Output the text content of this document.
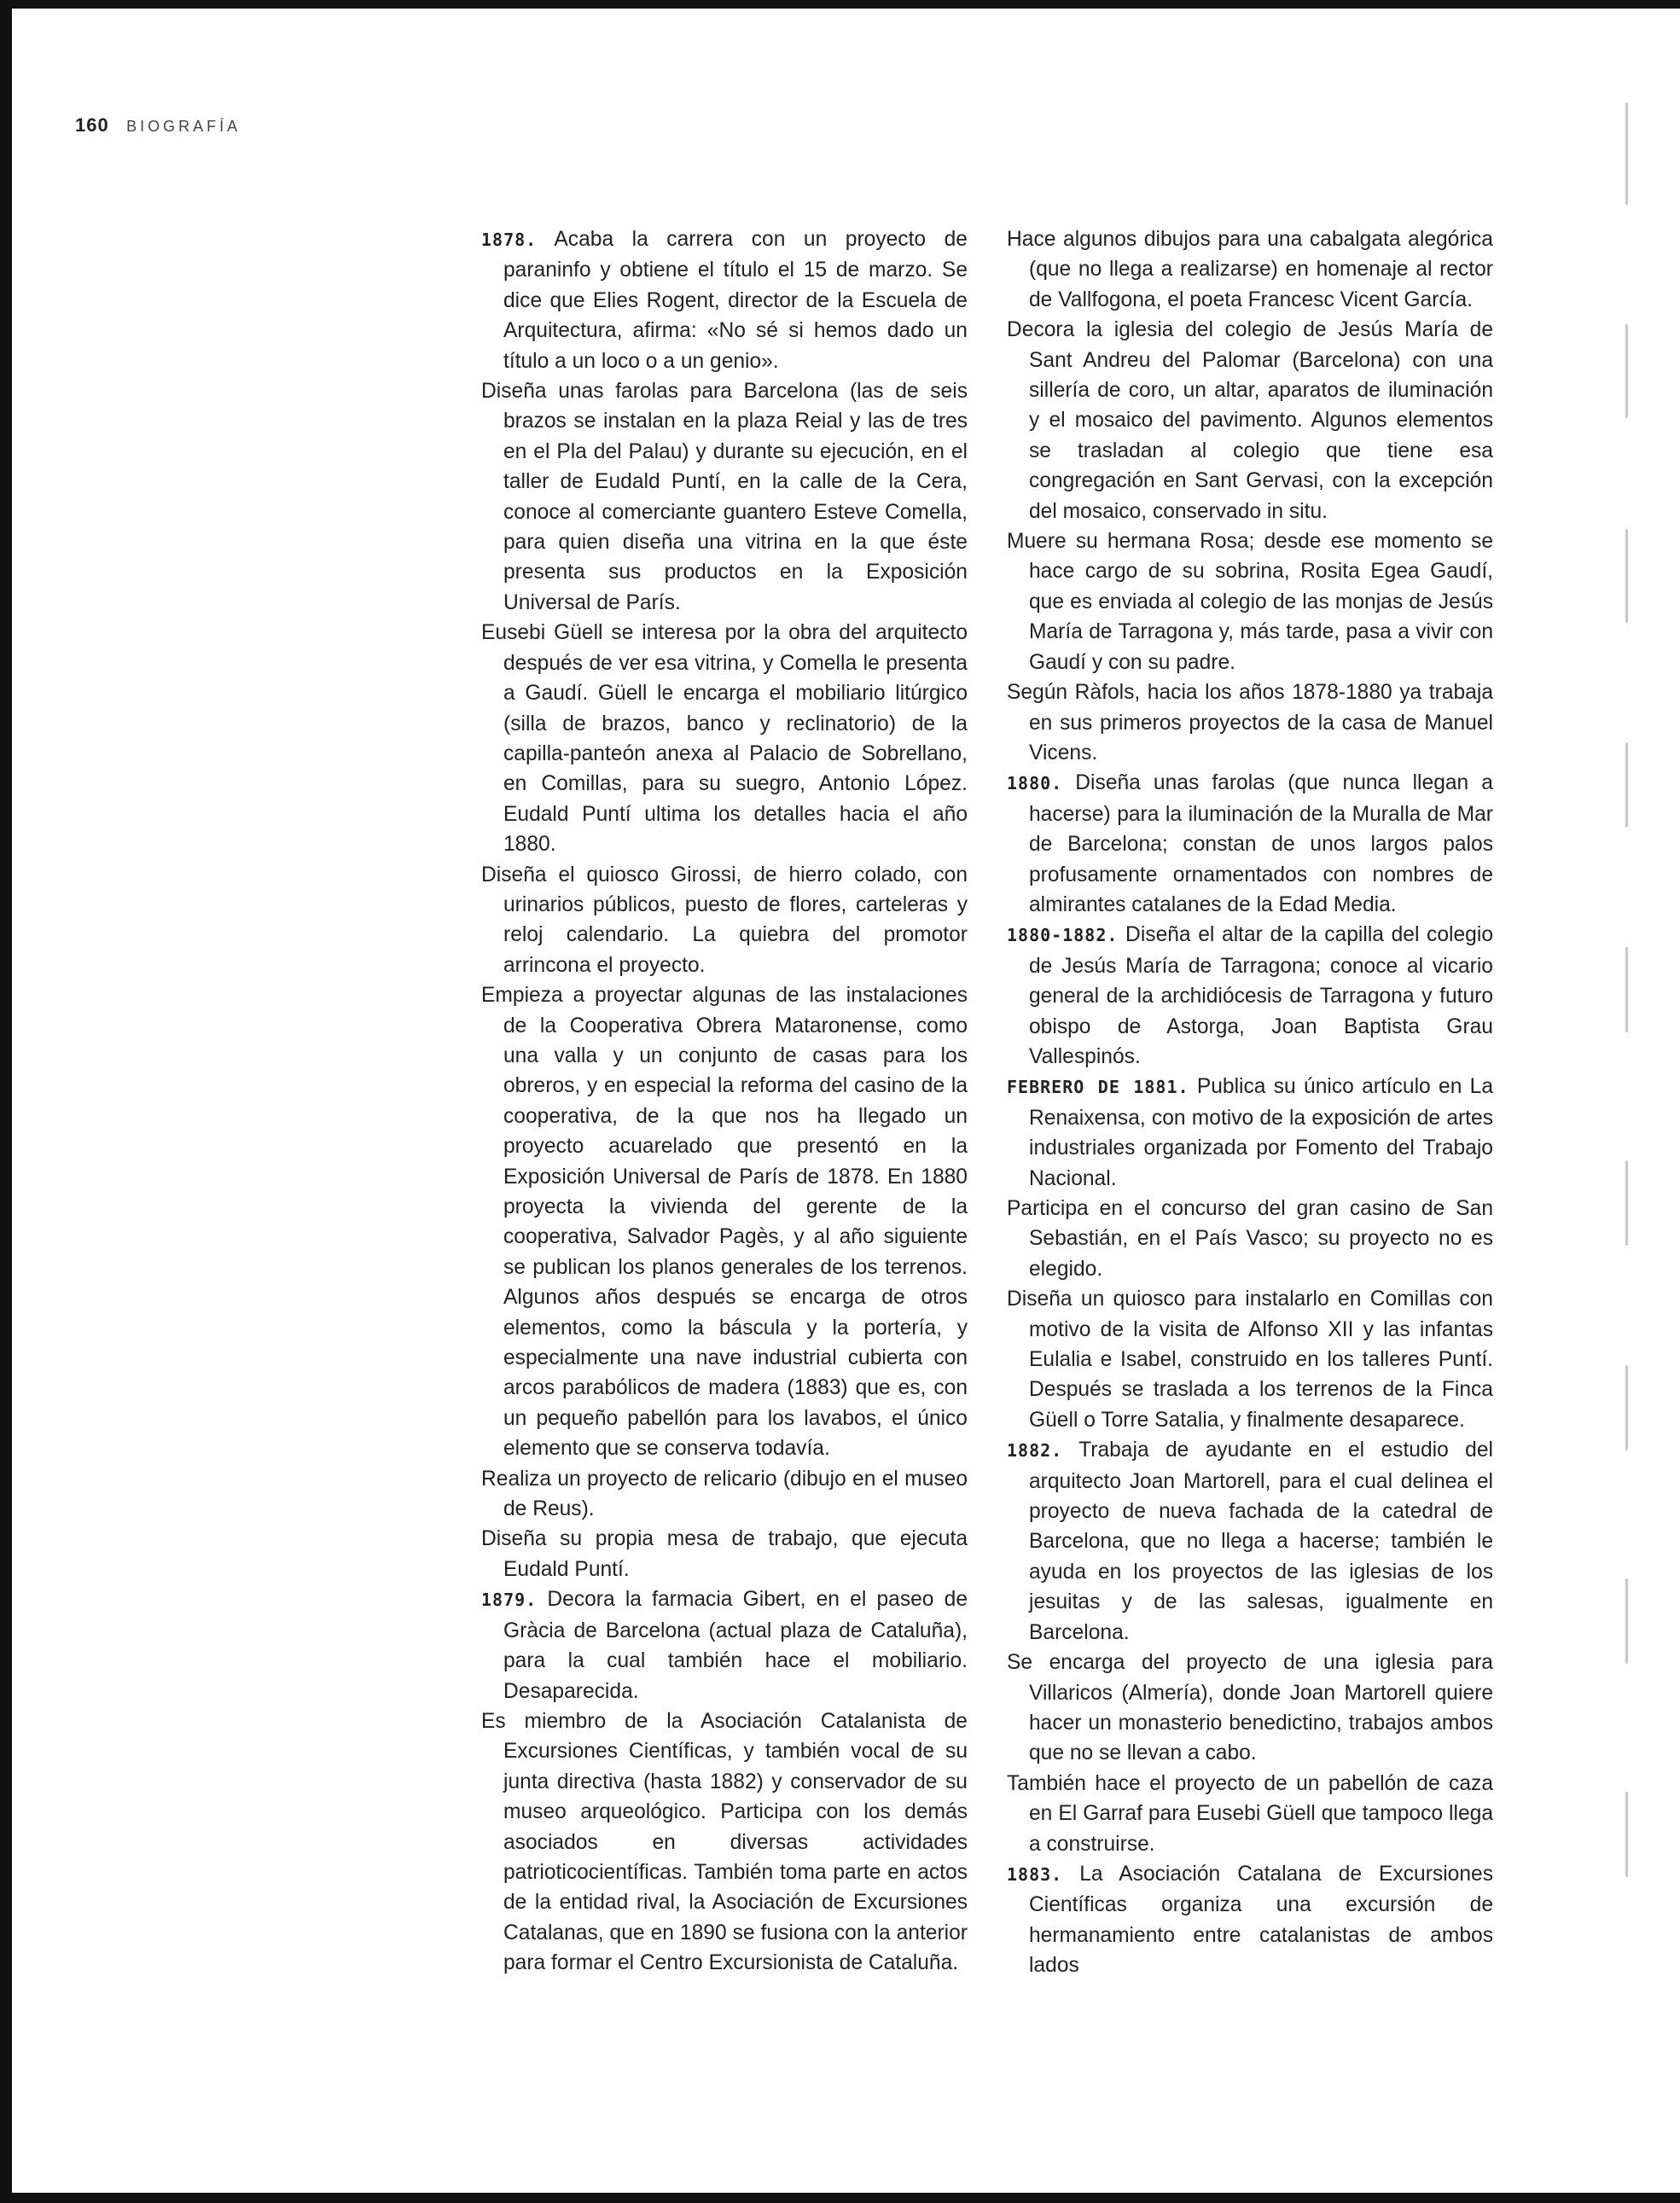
160 BIOGRAFÍA

1878. Acaba la carrera con un proyecto de paraninfo y obtiene el título el 15 de marzo. Se dice que Elies Rogent, director de la Escuela de Arquitectura, afirma: «No sé si hemos dado un título a un loco o a un genio».

Diseña unas farolas para Barcelona (las de seis brazos se instalan en la plaza Reial y las de tres en el Pla del Palau) y durante su ejecución, en el taller de Eudald Puntí, en la calle de la Cera, conoce al comerciante guantero Esteve Comella, para quien diseña una vitrina en la que éste presenta sus productos en la Exposición Universal de París.

Eusebi Güell se interesa por la obra del arquitecto después de ver esa vitrina, y Comella le presenta a Gaudí. Güell le encarga el mobiliario litúrgico (silla de brazos, banco y reclinatorio) de la capilla-panteón anexa al Palacio de Sobrellano, en Comillas, para su suegro, Antonio López. Eudald Puntí ultima los detalles hacia el año 1880.

Diseña el quiosco Girossi, de hierro colado, con urinarios públicos, puesto de flores, carteleras y reloj calendario. La quiebra del promotor arrincona el proyecto.

Empieza a proyectar algunas de las instalaciones de la Cooperativa Obrera Mataronense, como una valla y un conjunto de casas para los obreros, y en especial la reforma del casino de la cooperativa, de la que nos ha llegado un proyecto acuarelado que presentó en la Exposición Universal de París de 1878. En 1880 proyecta la vivienda del gerente de la cooperativa, Salvador Pagès, y al año siguiente se publican los planos generales de los terrenos. Algunos años después se encarga de otros elementos, como la báscula y la portería, y especialmente una nave industrial cubierta con arcos parabólicos de madera (1883) que es, con un pequeño pabellón para los lavabos, el único elemento que se conserva todavía.

Realiza un proyecto de relicario (dibujo en el museo de Reus).

Diseña su propia mesa de trabajo, que ejecuta Eudald Puntí.

1879. Decora la farmacia Gibert, en el paseo de Gràcia de Barcelona (actual plaza de Cataluña), para la cual también hace el mobiliario. Desaparecida.

Es miembro de la Asociación Catalanista de Excursiones Científicas, y también vocal de su junta directiva (hasta 1882) y conservador de su museo arqueológico. Participa con los demás asociados en diversas actividades patrioticocientíficas. También toma parte en actos de la entidad rival, la Asociación de Excursiones Catalanas, que en 1890 se fusiona con la anterior para formar el Centro Excursionista de Cataluña.

Hace algunos dibujos para una cabalgata alegórica (que no llega a realizarse) en homenaje al rector de Vallfogona, el poeta Francesc Vicent García.

Decora la iglesia del colegio de Jesús María de Sant Andreu del Palomar (Barcelona) con una sillería de coro, un altar, aparatos de iluminación y el mosaico del pavimento. Algunos elementos se trasladan al colegio que tiene esa congregación en Sant Gervasi, con la excepción del mosaico, conservado in situ.

Muere su hermana Rosa; desde ese momento se hace cargo de su sobrina, Rosita Egea Gaudí, que es enviada al colegio de las monjas de Jesús María de Tarragona y, más tarde, pasa a vivir con Gaudí y con su padre.

Según Ràfols, hacia los años 1878-1880 ya trabaja en sus primeros proyectos de la casa de Manuel Vicens.

1880. Diseña unas farolas (que nunca llegan a hacerse) para la iluminación de la Muralla de Mar de Barcelona; constan de unos largos palos profusamente ornamentados con nombres de almirantes catalanes de la Edad Media.

1880-1882. Diseña el altar de la capilla del colegio de Jesús María de Tarragona; conoce al vicario general de la archidiócesis de Tarragona y futuro obispo de Astorga, Joan Baptista Grau Vallespinós.

FEBRERO DE 1881. Publica su único artículo en La Renaixensa, con motivo de la exposición de artes industriales organizada por Fomento del Trabajo Nacional.

Participa en el concurso del gran casino de San Sebastián, en el País Vasco; su proyecto no es elegido.

Diseña un quiosco para instalarlo en Comillas con motivo de la visita de Alfonso XII y las infantas Eulalia e Isabel, construido en los talleres Puntí. Después se traslada a los terrenos de la Finca Güell o Torre Satalia, y finalmente desaparece.

1882. Trabaja de ayudante en el estudio del arquitecto Joan Martorell, para el cual delinea el proyecto de nueva fachada de la catedral de Barcelona, que no llega a hacerse; también le ayuda en los proyectos de las iglesias de los jesuitas y de las salesas, igualmente en Barcelona.

Se encarga del proyecto de una iglesia para Villaricos (Almería), donde Joan Martorell quiere hacer un monasterio benedictino, trabajos ambos que no se llevan a cabo.

También hace el proyecto de un pabellón de caza en El Garraf para Eusebi Güell que tampoco llega a construirse.

1883. La Asociación Catalana de Excursiones Científicas organiza una excursión de hermanamiento entre catalanistas de ambos lados
